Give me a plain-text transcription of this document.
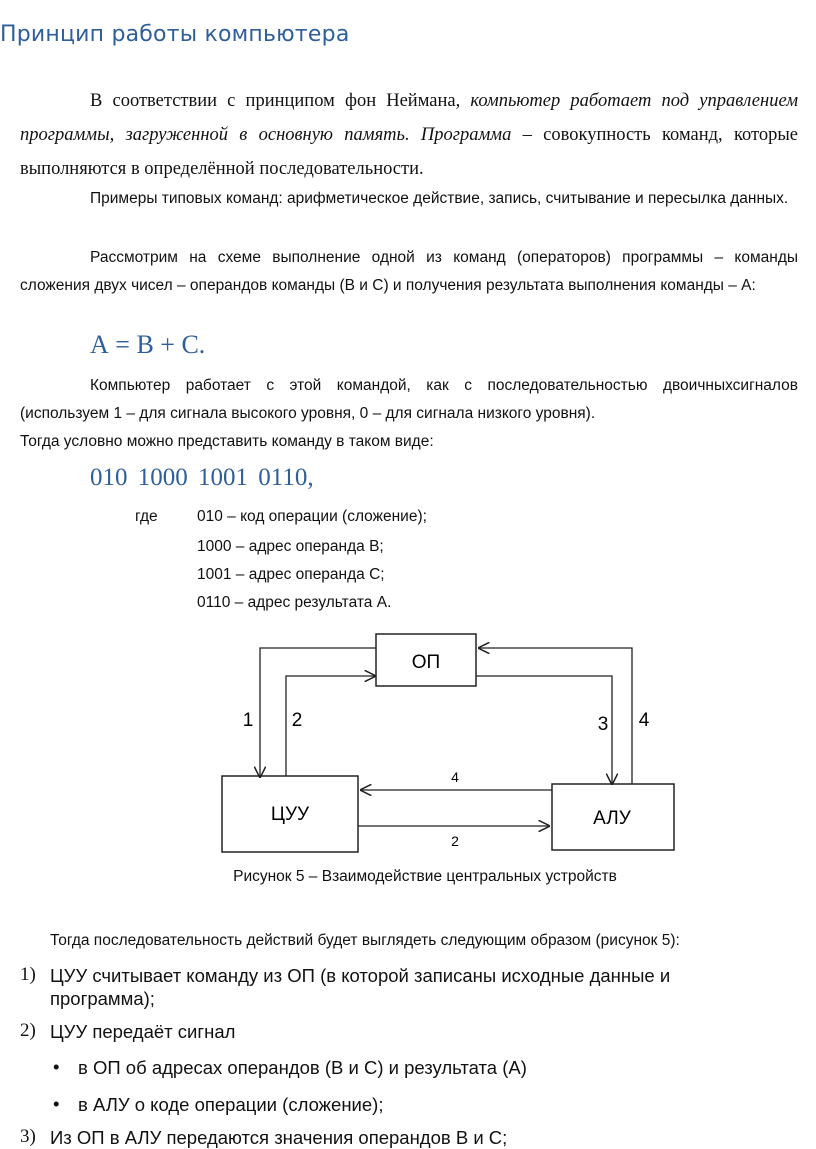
Принцип работы компьютера
В соответствии с принципом фон Неймана, компьютер работает под управлением программы, загруженной в основную память. Программа – совокупность команд, которые выполняются в определённой последовательности.
Примеры типовых команд: арифметическое действие, запись, считывание и пересылка данных.
Рассмотрим на схеме выполнение одной из команд (операторов) программы – команды сложения двух чисел – операндов команды (В и С) и получения результата выполнения команды – А:
А = В + С.
Компьютер работает с этой командой, как с последовательностью двоичныхсигналов (используем 1 – для сигнала высокого уровня, 0 – для сигнала низкого уровня).
Тогда условно можно представить команду в таком виде:
010 1000 1001 0110,
где	010 – код операции (сложение);
1000 – адрес операнда В;
1001 – адрес операнда С;
0110 – адрес результата А.
ОП
ЦУУ	АЛУ
1 2	3 4
4
2
Рисунок 5 – Взаимодействие центральных устройств
Тогда последовательность действий будет выглядеть следующим образом (рисунок 5):
1) ЦУУ считывает команду из ОП (в которой записаны исходные данные и программа);
2) ЦУУ передаёт сигнал
• в ОП об адресах операндов (В и С) и результата (А)
• в АЛУ о коде операции (сложение);
3) Из ОП в АЛУ передаются значения операндов В и С;
